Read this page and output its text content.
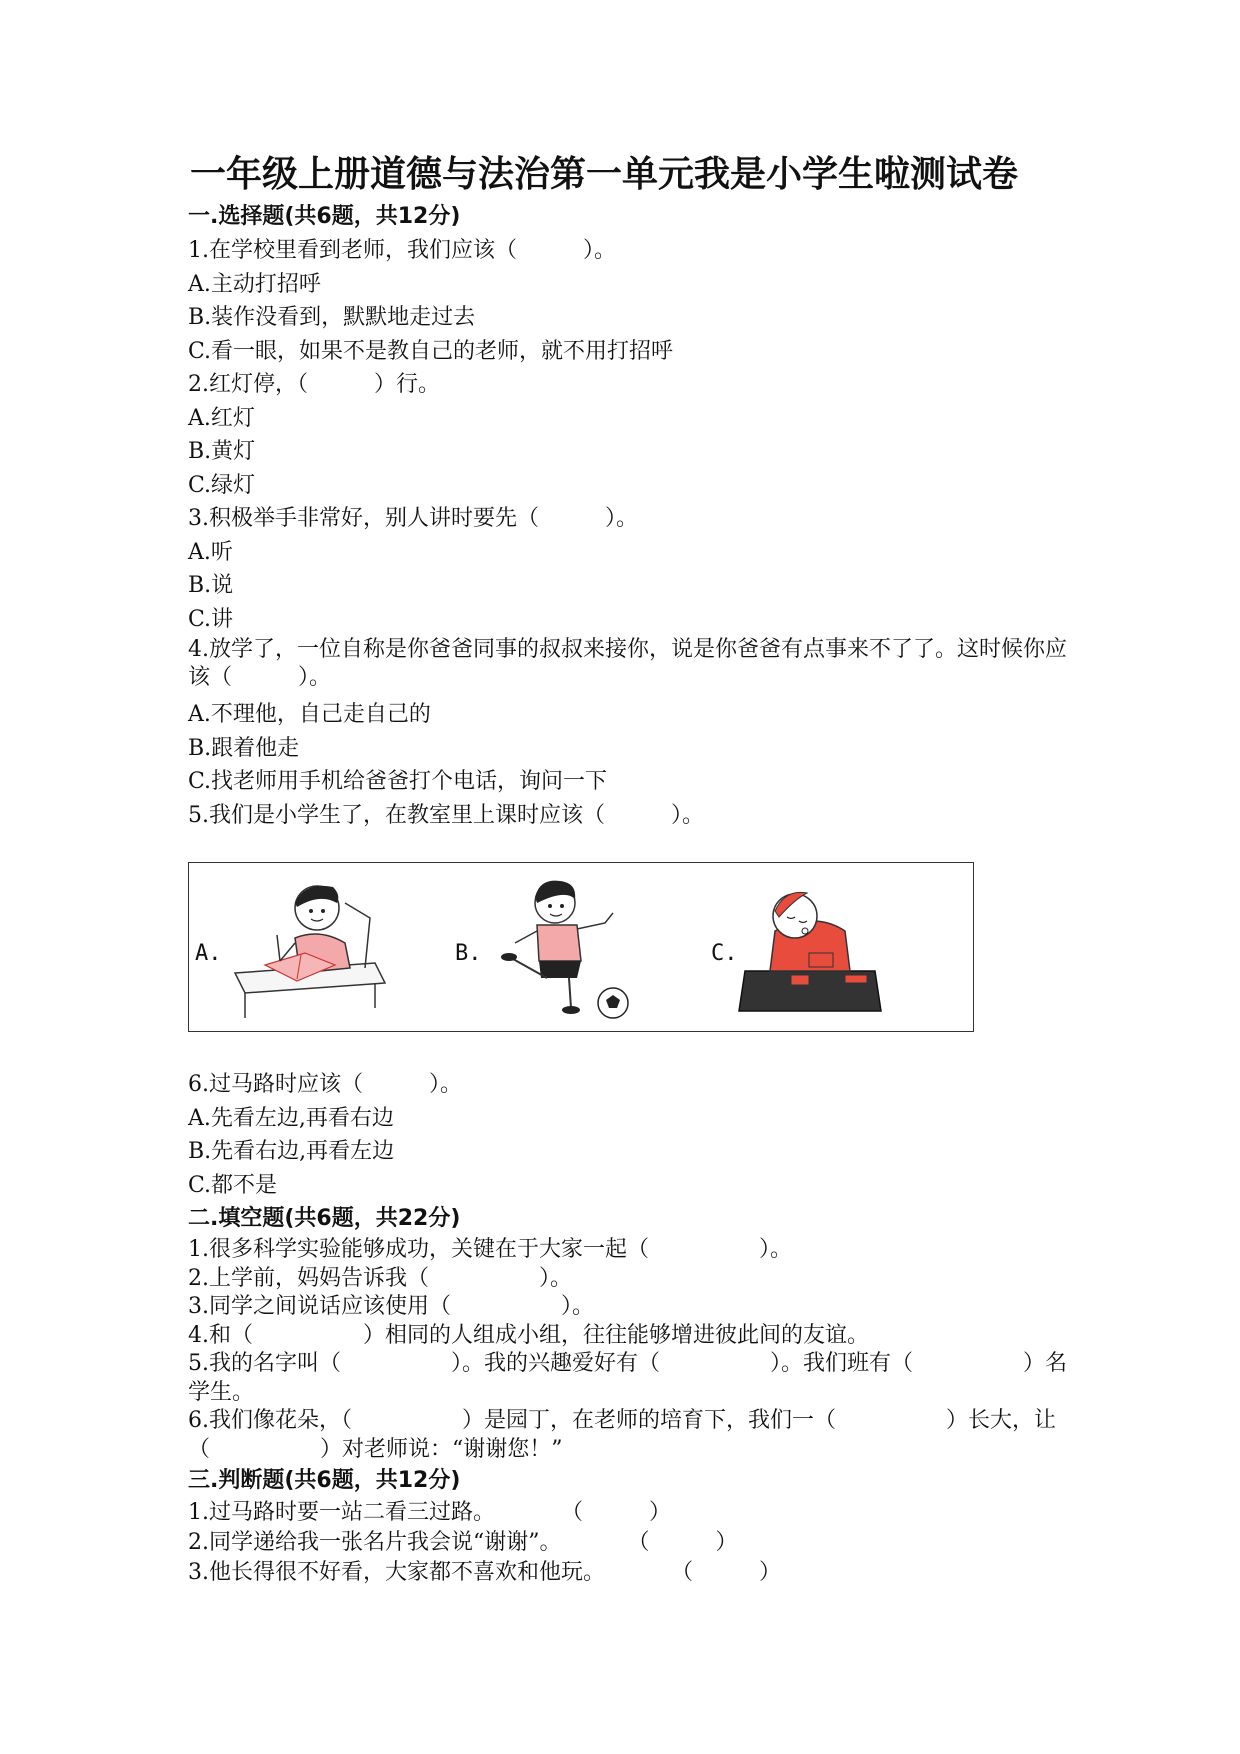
一年级上册道德与法治第一单元我是小学生啦测试卷
一.选择题(共6题，共12分)

1.在学校里看到老师，我们应该（　　　）。

A.主动打招呼

B.装作没看到，默默地走过去

C.看一眼，如果不是教自己的老师，就不用打招呼

2.红灯停，（　　　）行。

A.红灯

B.黄灯

C.绿灯

3.积极举手非常好，别人讲时要先（　　　）。

A.听

B.说

C.讲

4.放学了，一位自称是你爸爸同事的叔叔来接你，说是你爸爸有点事来不了了。这时候你应该（　　　）。

A.不理他，自己走自己的

B.跟着他走

C.找老师用手机给爸爸打个电话，询问一下

5.我们是小学生了，在教室里上课时应该（　　　）。

A.	B.	C.

6.过马路时应该（　　　）。

A.先看左边,再看右边

B.先看右边,再看左边

C.都不是

二.填空题(共6题，共22分)

1.很多科学实验能够成功，关键在于大家一起（　　　　　）。

2.上学前，妈妈告诉我（　　　　　）。

3.同学之间说话应该使用（　　　　　）。

4.和（　　　　　）相同的人组成小组，往往能够增进彼此间的友谊。

5.我的名字叫（　　　　　）。我的兴趣爱好有（　　　　　）。我们班有（　　　　　）名学生。

6.我们像花朵，（　　　　　）是园丁，在老师的培育下，我们一（　　　　　）长大，让（　　　　　）对老师说：“谢谢您！”

三.判断题(共6题，共12分)

1.过马路时要一站二看三过路。　　　　（　　　）

2.同学递给我一张名片我会说“谢谢”。　　　　（　　　）

3.他长得很不好看，大家都不喜欢和他玩。　　　　（　　　）
